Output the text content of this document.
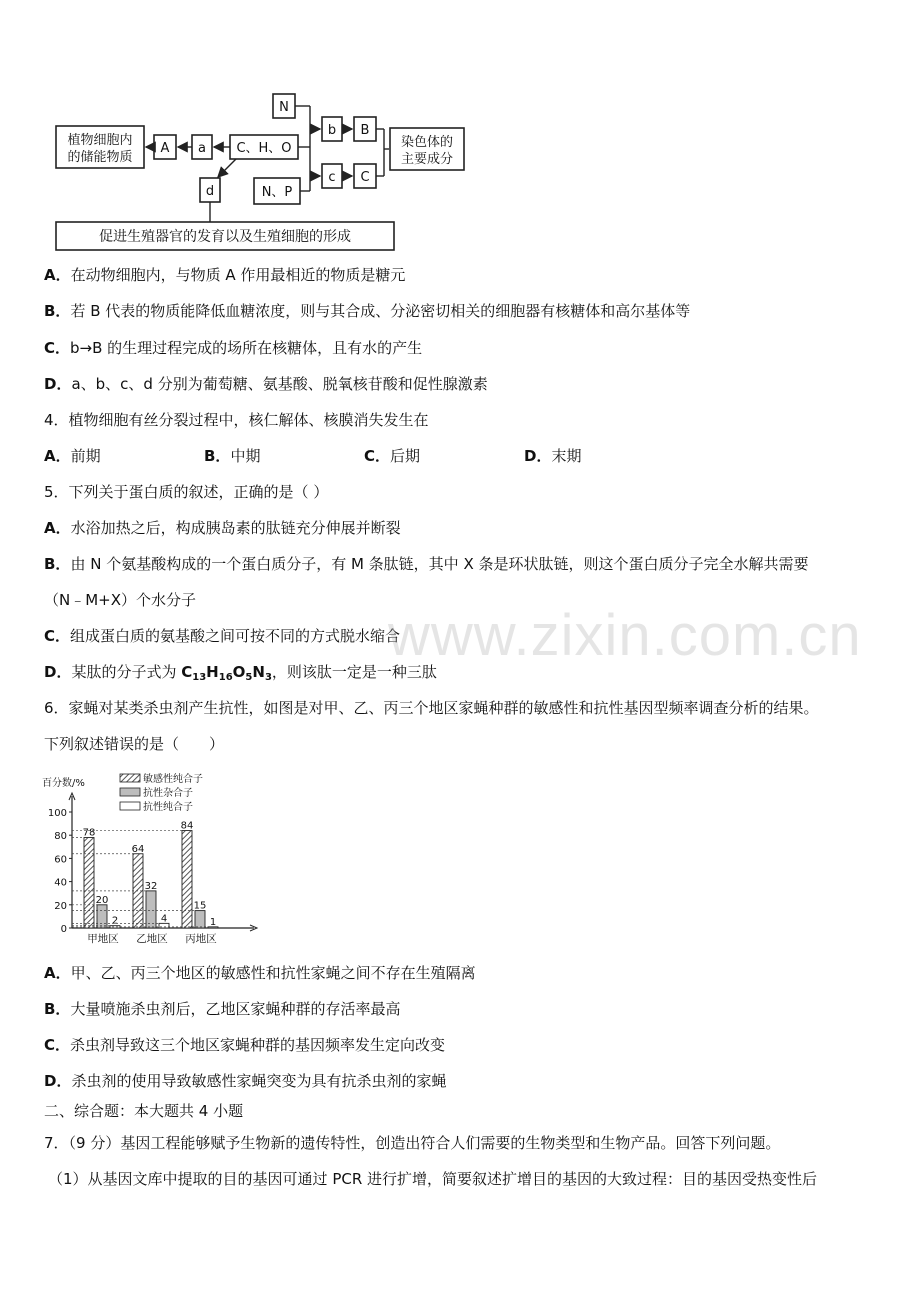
植物细胞内
的储能物质
A a C、H、O
N
N、P
b B
c C
染色体的
主要成分
d
促进生殖器官的发育以及生殖细胞的形成
A．在动物细胞内，与物质 A 作用最相近的物质是糖元
B．若 B 代表的物质能降低血糖浓度，则与其合成、分泌密切相关的细胞器有核糖体和高尔基体等
C．b→B 的生理过程完成的场所在核糖体，且有水的产生
D．a、b、c、d 分别为葡萄糖、氨基酸、脱氧核苷酸和促性腺激素
4．植物细胞有丝分裂过程中，核仁解体、核膜消失发生在
A．前期	B．中期	C．后期	D．末期
5．下列关于蛋白质的叙述，正确的是（ ）
A．水浴加热之后，构成胰岛素的肽链充分伸展并断裂
B．由 N 个氨基酸构成的一个蛋白质分子，有 M 条肽链，其中 X 条是环状肽链，则这个蛋白质分子完全水解共需要
（N﹣M+X）个水分子
C．组成蛋白质的氨基酸之间可按不同的方式脱水缩合
D．某肽的分子式为 $C_{13}H_{16}O_5N_3$，则该肽一定是一种三肽
6．家蝇对某类杀虫剂产生抗性，如图是对甲、乙、丙三个地区家蝇种群的敏感性和抗性基因型频率调查分析的结果。
下列叙述错误的是（　　）
百分数/%
0
20
40
60
80
100
敏感性纯合子
抗性杂合子
抗性纯合子
78
20
2
甲地区
64
32
4
乙地区
84
15
1
丙地区
A．甲、乙、丙三个地区的敏感性和抗性家蝇之间不存在生殖隔离
B．大量喷施杀虫剂后，乙地区家蝇种群的存活率最高
C．杀虫剂导致这三个地区家蝇种群的基因频率发生定向改变
D．杀虫剂的使用导致敏感性家蝇突变为具有抗杀虫剂的家蝇
二、综合题：本大题共 4 小题
7．（9 分）基因工程能够赋予生物新的遗传特性，创造出符合人们需要的生物类型和生物产品。回答下列问题。
（1）从基因文库中提取的目的基因可通过 PCR 进行扩增，简要叙述扩增目的基因的大致过程：目的基因受热变性后
www.zixin.com.cn
